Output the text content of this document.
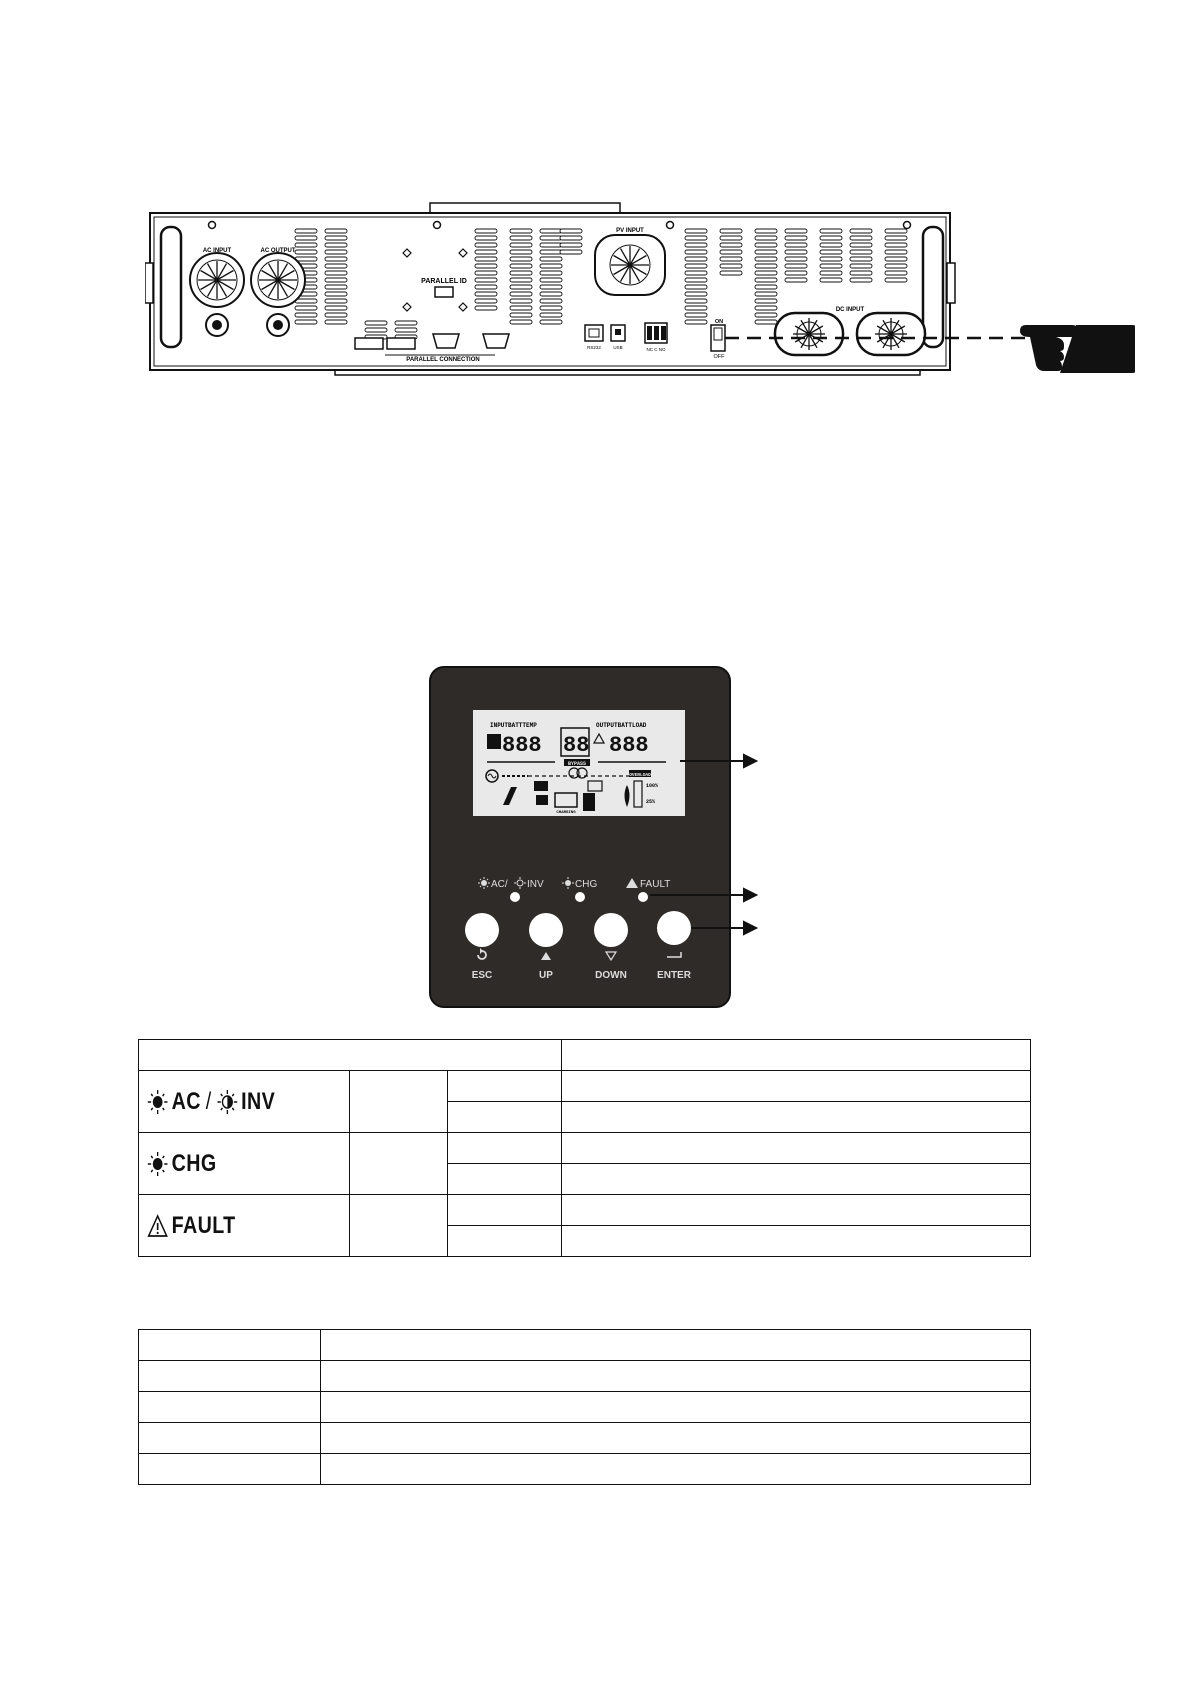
AC INPUT	AC OUTPUT
PARALLEL ID
PARALLEL CONNECTION
PV INPUT
RS232	USB	NC C NO
ON
OFF
DC INPUT
INPUTBATTTEMP	OUTPUTBATTLOAD
888 88 888
BYPASS
CHARGING
OVERLOAD
100%
25%
AC/ INV	CHG	FAULT
ESC	UP	DOWN	ENTER

AC / INV			

CHG			

FAULT			
